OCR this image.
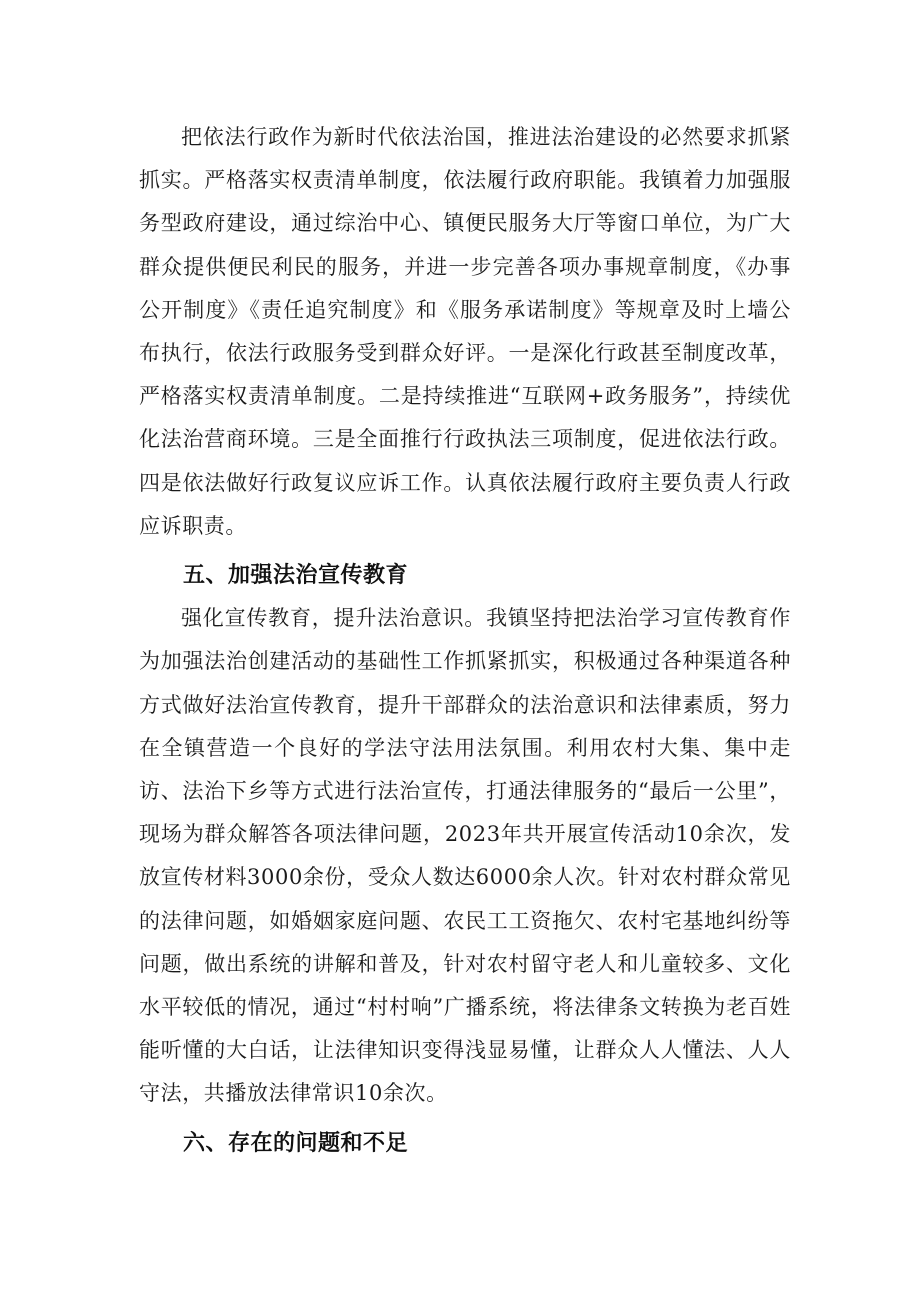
把依法行政作为新时代依法治国，推进法治建设的必然要求抓紧抓实。严格落实权责清单制度，依法履行政府职能。我镇着力加强服务型政府建设，通过综治中心、镇便民服务大厅等窗口单位，为广大群众提供便民利民的服务，并进一步完善各项办事规章制度，《办事公开制度》《责任追究制度》和《服务承诺制度》等规章及时上墙公布执行，依法行政服务受到群众好评。一是深化行政甚至制度改革，严格落实权责清单制度。二是持续推进“互联网+政务服务”，持续优化法治营商环境。三是全面推行行政执法三项制度，促进依法行政。四是依法做好行政复议应诉工作。认真依法履行政府主要负责人行政应诉职责。

五、加强法治宣传教育

强化宣传教育，提升法治意识。我镇坚持把法治学习宣传教育作为加强法治创建活动的基础性工作抓紧抓实，积极通过各种渠道各种方式做好法治宣传教育，提升干部群众的法治意识和法律素质，努力在全镇营造一个良好的学法守法用法氛围。利用农村大集、集中走访、法治下乡等方式进行法治宣传，打通法律服务的“最后一公里”，现场为群众解答各项法律问题，2023年共开展宣传活动10余次，发放宣传材料3000余份，受众人数达6000余人次。针对农村群众常见的法律问题，如婚姻家庭问题、农民工工资拖欠、农村宅基地纠纷等问题，做出系统的讲解和普及，针对农村留守老人和儿童较多、文化水平较低的情况，通过“村村响”广播系统，将法律条文转换为老百姓能听懂的大白话，让法律知识变得浅显易懂，让群众人人懂法、人人守法，共播放法律常识10余次。

六、存在的问题和不足
